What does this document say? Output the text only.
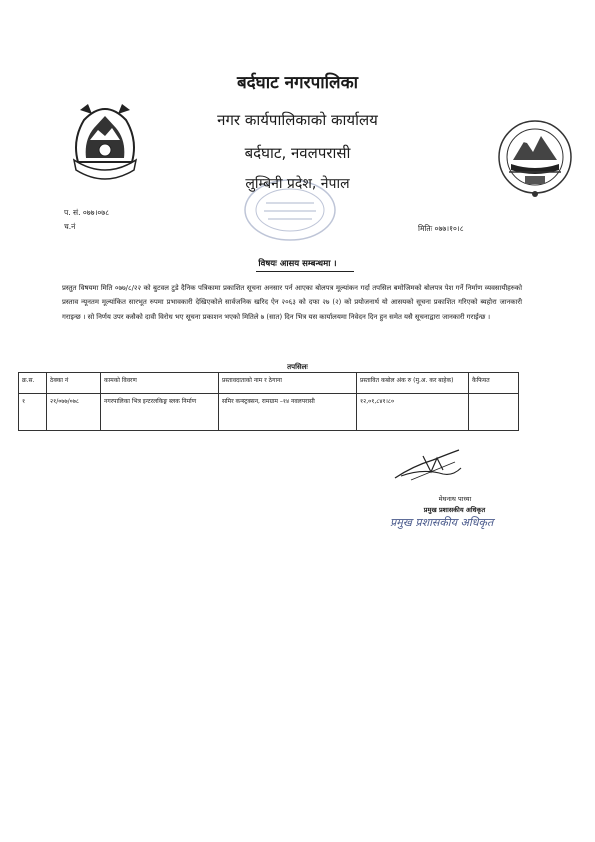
बर्दघाट नगरपालिका
नगर कार्यपालिकाको कार्यालय
बर्दघाट, नवलपरासी
लुम्बिनी प्रदेश, नेपाल
प. सं. ०७७।०७८
च.नं	मितिः ०७७।१०।८
विषयः आसय सम्बन्धमा ।
प्रस्तुत विषयमा मिति ०७७/८/२२ को बुटवल टुडे दैनिक पत्रिकामा प्रकाशित सूचना अनसार पर्न आएका बोलपत्र मूल्यांकन गर्दा तपसिल बमोजिमको बोलपत्र पेश गर्ने निर्माण व्यवसायीहरुको प्रस्ताव न्यूनतम मूल्यांकित सारभूत रुपमा प्रभावकारी देखिएकोले सार्वजनिक खरिद ऐन २०६३ को दफा २७ (२) को प्रयोजनार्थ यो आसयको सूचना प्रकाशित गरिएको ब्यहोरा जानकारी गराइन्छ । सो निर्णय उपर कसैको दावी विरोध भए सूचना प्रकाशन भएको मितिले ७ (सात) दिन भित्र यस कार्यालयमा निवेदन दिन हुन समेत यसै सूचनाद्वारा जानकारी गराईन्छ ।
तपसिलः
क्र.स.	ठेक्का नं	कामको विवरण	प्रस्तावदाताको नाम र ठेगाना	प्रस्तावित कबोल अंक रु (मु.अ. कर बाहेक)	कैफियत
१	२१/०७७/०७८	नगरपालिका भित्र इन्टरलकिङ्ग ब्लक निर्माण	समिर कन्स्ट्रक्सन, रामग्राम –१४ नवलपरासी	१२,०१,८४१।८०	
मेघनाथ पाध्या
प्रमुख प्रशासकीय अधिकृत
प्रमुख प्रशासकीय अधिकृत
